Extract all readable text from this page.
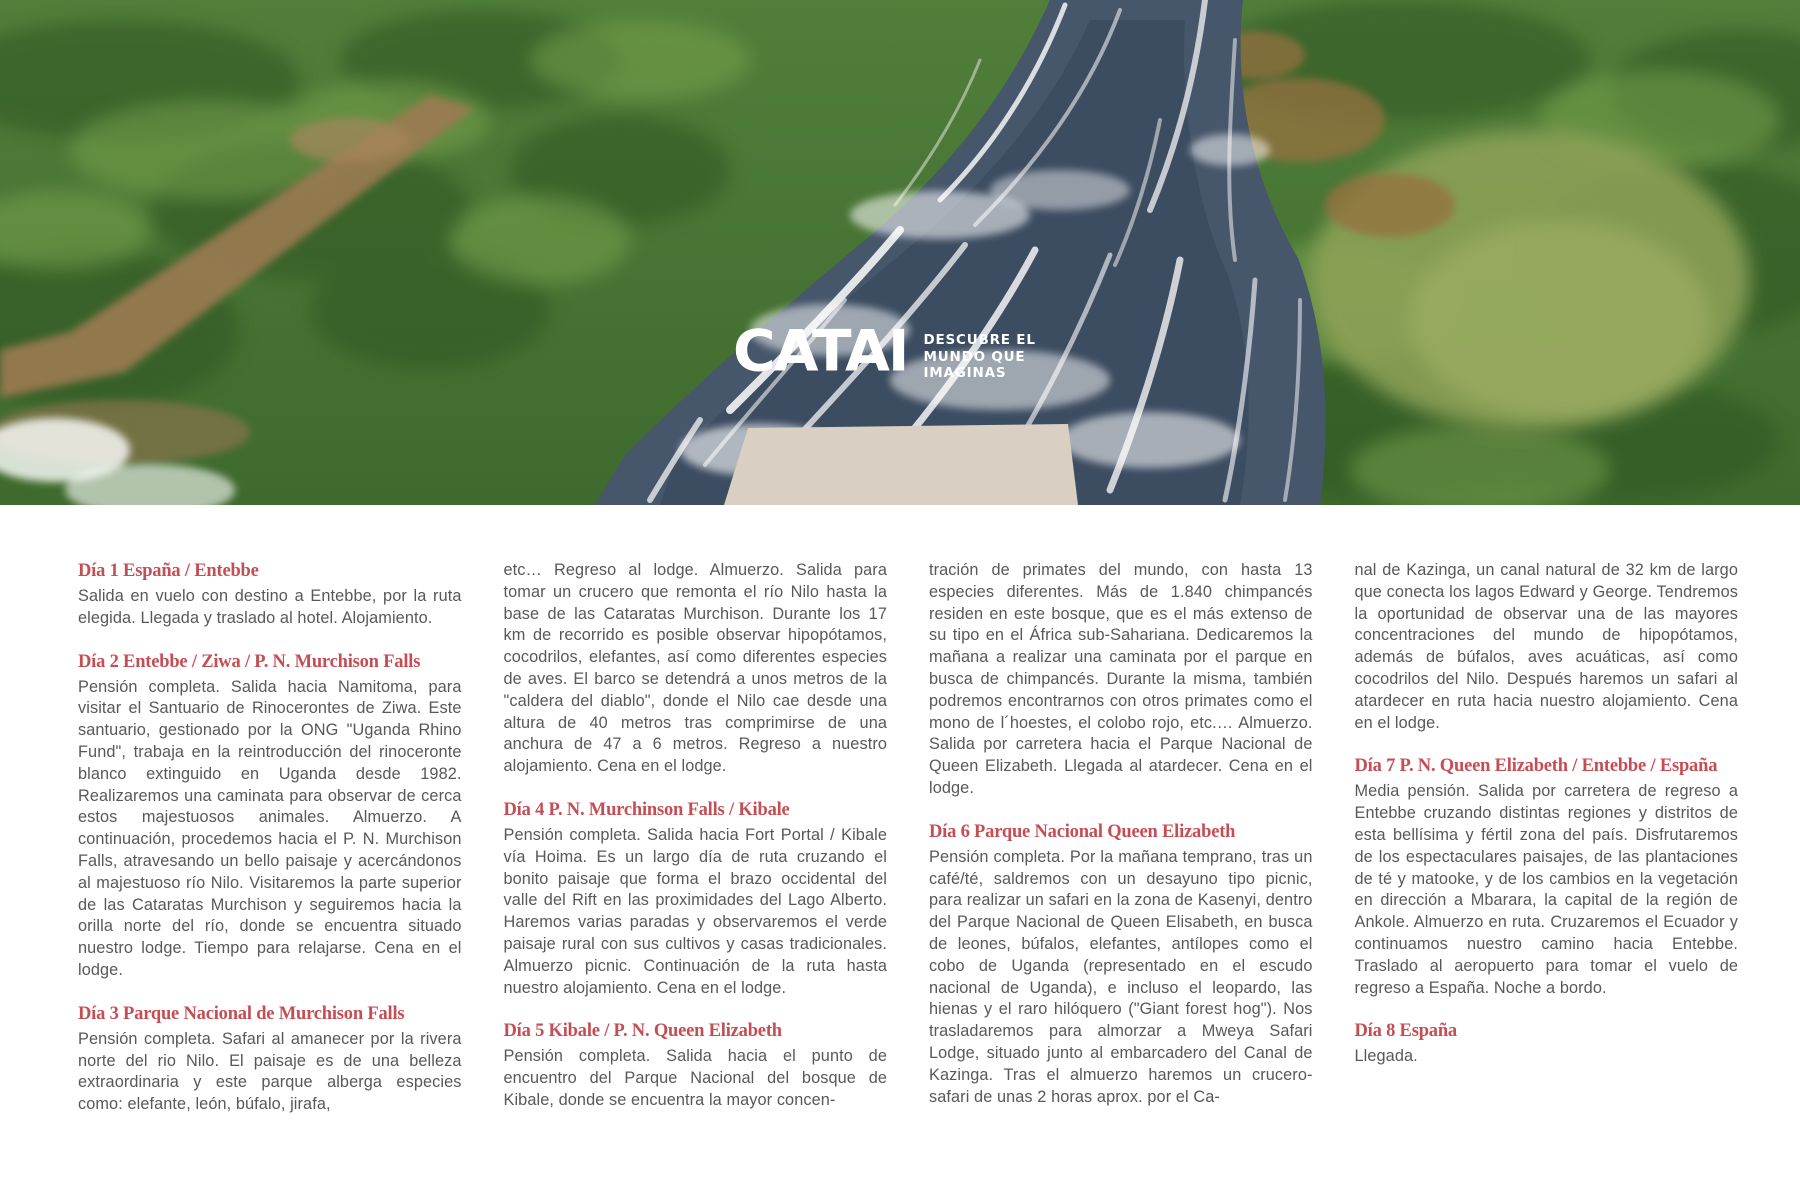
CATAI DESCUBRE EL
MUNDO QUE
IMAGINAS
Día 1 España / Entebbe

Salida en vuelo con destino a Entebbe, por la ruta elegida. Llegada y traslado al hotel. Alojamiento.

Día 2 Entebbe / Ziwa / P. N. Murchison Falls

Pensión completa. Salida hacia Namitoma, para visitar el Santuario de Rinocerontes de Ziwa. Este santuario, gestionado por la ONG "Uganda Rhino Fund", trabaja en la reintroducción del rinoceronte blanco extinguido en Uganda desde 1982. Realizaremos una caminata para observar de cerca estos majestuosos animales. Almuerzo. A continuación, procedemos hacia el P. N. Murchison Falls, atravesando un bello paisaje y acercándonos al majestuoso río Nilo. Visitaremos la parte superior de las Cataratas Murchison y seguiremos hacia la orilla norte del río, donde se encuentra situado nuestro lodge. Tiempo para relajarse. Cena en el lodge.

Día 3 Parque Nacional de Murchison Falls

Pensión completa. Safari al amanecer por la rivera norte del rio Nilo. El paisaje es de una belleza extraordinaria y este parque alberga especies como: elefante, león, búfalo, jirafa,

etc… Regreso al lodge. Almuerzo. Salida para tomar un crucero que remonta el río Nilo hasta la base de las Cataratas Murchison. Durante los 17 km de recorrido es posible observar hipopótamos, cocodrilos, elefantes, así como diferentes especies de aves. El barco se detendrá a unos metros de la "caldera del diablo", donde el Nilo cae desde una altura de 40 metros tras comprimirse de una anchura de 47 a 6 metros. Regreso a nuestro alojamiento. Cena en el lodge.

Día 4 P. N. Murchinson Falls / Kibale

Pensión completa. Salida hacia Fort Portal / Kibale vía Hoima. Es un largo día de ruta cruzando el bonito paisaje que forma el brazo occidental del valle del Rift en las proximidades del Lago Alberto. Haremos varias paradas y observaremos el verde paisaje rural con sus cultivos y casas tradicionales. Almuerzo picnic. Continuación de la ruta hasta nuestro alojamiento. Cena en el lodge.

Día 5 Kibale / P. N. Queen Elizabeth

Pensión completa. Salida hacia el punto de encuentro del Parque Nacional del bosque de Kibale, donde se encuentra la mayor concen-

tración de primates del mundo, con hasta 13 especies diferentes. Más de 1.840 chimpancés residen en este bosque, que es el más extenso de su tipo en el África sub-Sahariana. Dedicaremos la mañana a realizar una caminata por el parque en busca de chimpancés. Durante la misma, también podremos encontrarnos con otros primates como el mono de l´hoestes, el colobo rojo, etc.… Almuerzo. Salida por carretera hacia el Parque Nacional de Queen Elizabeth. Llegada al atardecer. Cena en el lodge.

Día 6 Parque Nacional Queen Elizabeth

Pensión completa. Por la mañana temprano, tras un café/té, saldremos con un desayuno tipo picnic, para realizar un safari en la zona de Kasenyi, dentro del Parque Nacional de Queen Elisabeth, en busca de leones, búfalos, elefantes, antílopes como el cobo de Uganda (representado en el escudo nacional de Uganda), e incluso el leopardo, las hienas y el raro hilóquero ("Giant forest hog"). Nos trasladaremos para almorzar a Mweya Safari Lodge, situado junto al embarcadero del Canal de Kazinga. Tras el almuerzo haremos un crucero-safari de unas 2 horas aprox. por el Ca-

nal de Kazinga, un canal natural de 32 km de largo que conecta los lagos Edward y George. Tendremos la oportunidad de observar una de las mayores concentraciones del mundo de hipopótamos, además de búfalos, aves acuáticas, así como cocodrilos del Nilo. Después haremos un safari al atardecer en ruta hacia nuestro alojamiento. Cena en el lodge.

Día 7 P. N. Queen Elizabeth / Entebbe / España

Media pensión. Salida por carretera de regreso a Entebbe cruzando distintas regiones y distritos de esta bellísima y fértil zona del país. Disfrutaremos de los espectaculares paisajes, de las plantaciones de té y matooke, y de los cambios en la vegetación en dirección a Mbarara, la capital de la región de Ankole. Almuerzo en ruta. Cruzaremos el Ecuador y continuamos nuestro camino hacia Entebbe. Traslado al aeropuerto para tomar el vuelo de regreso a España. Noche a bordo.

Día 8 España

Llegada.
